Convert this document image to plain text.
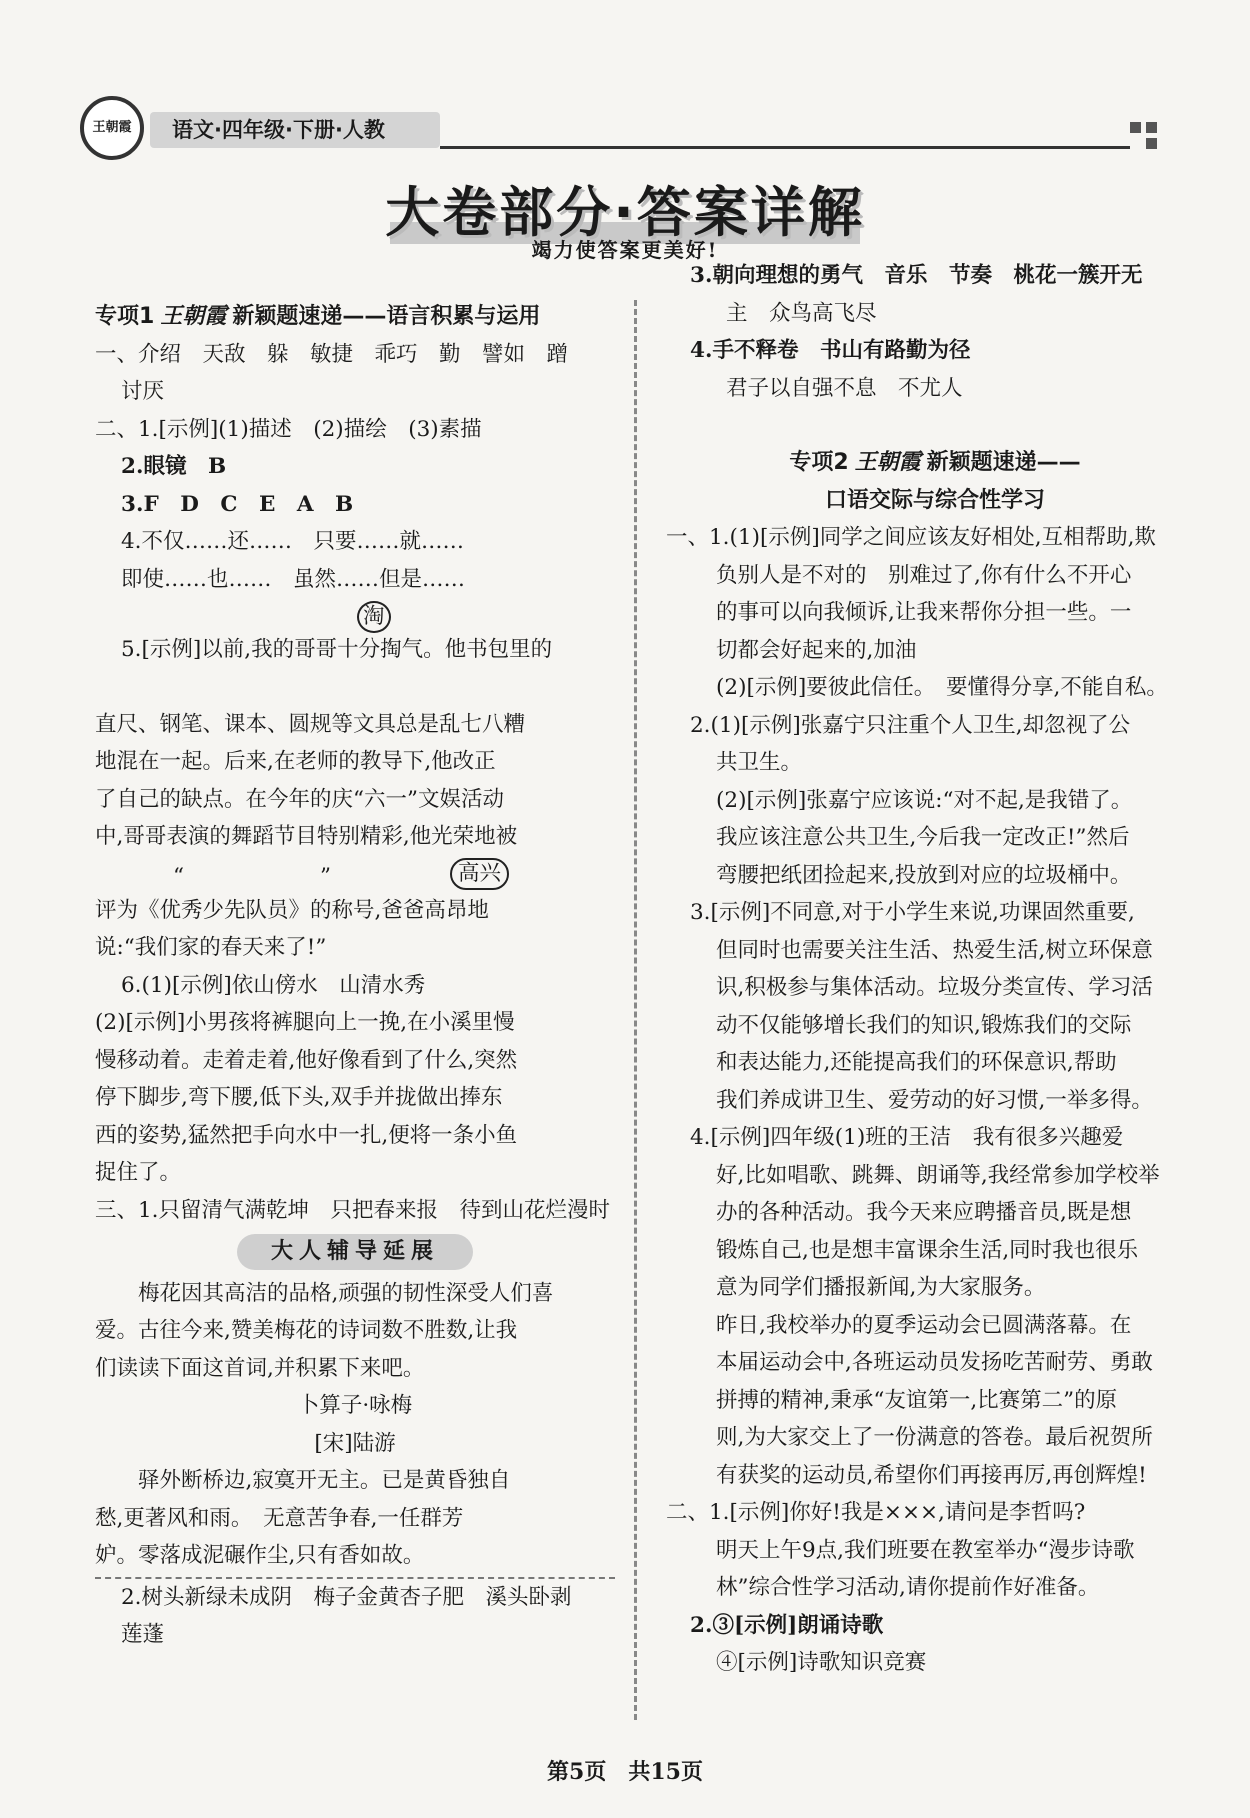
王朝霞	语文·四年级·下册·人教
大卷部分·答案详解
竭力使答案更美好!
专项1 王朝霞 新颖题速递——语言积累与运用
一、介绍　天敌　躲　敏捷　乖巧　勤　譬如　蹭
讨厌
二、1.[示例](1)描述　(2)描绘　(3)素描
2.眼镜　B
3.F　D　C　E　A　B
4.不仅……还……　只要……就……
即使……也……　虽然……但是……
淘
5.[示例]以前,我的哥哥十分掏气。他书包里的
直尺、钢笔、课本、圆规等文具总是乱七八糟
地混在一起。后来,在老师的教导下,他改正
了自己的缺点。在今年的庆“六一”文娱活动
中,哥哥表演的舞蹈节目特别精彩,他光荣地被
“	”	高兴
评为《优秀少先队员》的称号,爸爸高昂地
说:“我们家的春天来了!”
6.(1)[示例]依山傍水　山清水秀
(2)[示例]小男孩将裤腿向上一挽,在小溪里慢
慢移动着。走着走着,他好像看到了什么,突然
停下脚步,弯下腰,低下头,双手并拢做出捧东
西的姿势,猛然把手向水中一扎,便将一条小鱼
捉住了。
三、1.只留清气满乾坤　只把春来报　待到山花烂漫时
大人辅导延展
梅花因其高洁的品格,顽强的韧性深受人们喜
爱。古往今来,赞美梅花的诗词数不胜数,让我
们读读下面这首词,并积累下来吧。
卜算子·咏梅
[宋]陆游
驿外断桥边,寂寞开无主。已是黄昏独自
愁,更著风和雨。　无意苦争春,一任群芳
妒。零落成泥碾作尘,只有香如故。
2.树头新绿未成阴　梅子金黄杏子肥　溪头卧剥
莲蓬
3.朝向理想的勇气　音乐　节奏　桃花一簇开无
主　众鸟高飞尽
4.手不释卷　书山有路勤为径
君子以自强不息　不尤人
专项2 王朝霞 新颖题速递——
口语交际与综合性学习
一、1.(1)[示例]同学之间应该友好相处,互相帮助,欺
负别人是不对的　别难过了,你有什么不开心
的事可以向我倾诉,让我来帮你分担一些。一
切都会好起来的,加油
(2)[示例]要彼此信任。　要懂得分享,不能自私。
2.(1)[示例]张嘉宁只注重个人卫生,却忽视了公
共卫生。
(2)[示例]张嘉宁应该说:“对不起,是我错了。
我应该注意公共卫生,今后我一定改正!”然后
弯腰把纸团捡起来,投放到对应的垃圾桶中。
3.[示例]不同意,对于小学生来说,功课固然重要,
但同时也需要关注生活、热爱生活,树立环保意
识,积极参与集体活动。垃圾分类宣传、学习活
动不仅能够增长我们的知识,锻炼我们的交际
和表达能力,还能提高我们的环保意识,帮助
我们养成讲卫生、爱劳动的好习惯,一举多得。
4.[示例]四年级(1)班的王洁　我有很多兴趣爱
好,比如唱歌、跳舞、朗诵等,我经常参加学校举
办的各种活动。我今天来应聘播音员,既是想
锻炼自己,也是想丰富课余生活,同时我也很乐
意为同学们播报新闻,为大家服务。
昨日,我校举办的夏季运动会已圆满落幕。在
本届运动会中,各班运动员发扬吃苦耐劳、勇敢
拼搏的精神,秉承“友谊第一,比赛第二”的原
则,为大家交上了一份满意的答卷。最后祝贺所
有获奖的运动员,希望你们再接再厉,再创辉煌!
二、1.[示例]你好!我是×××,请问是李哲吗?
明天上午9点,我们班要在教室举办“漫步诗歌
林”综合性学习活动,请你提前作好准备。
2.③[示例]朗诵诗歌
④[示例]诗歌知识竞赛
第5页　共15页
